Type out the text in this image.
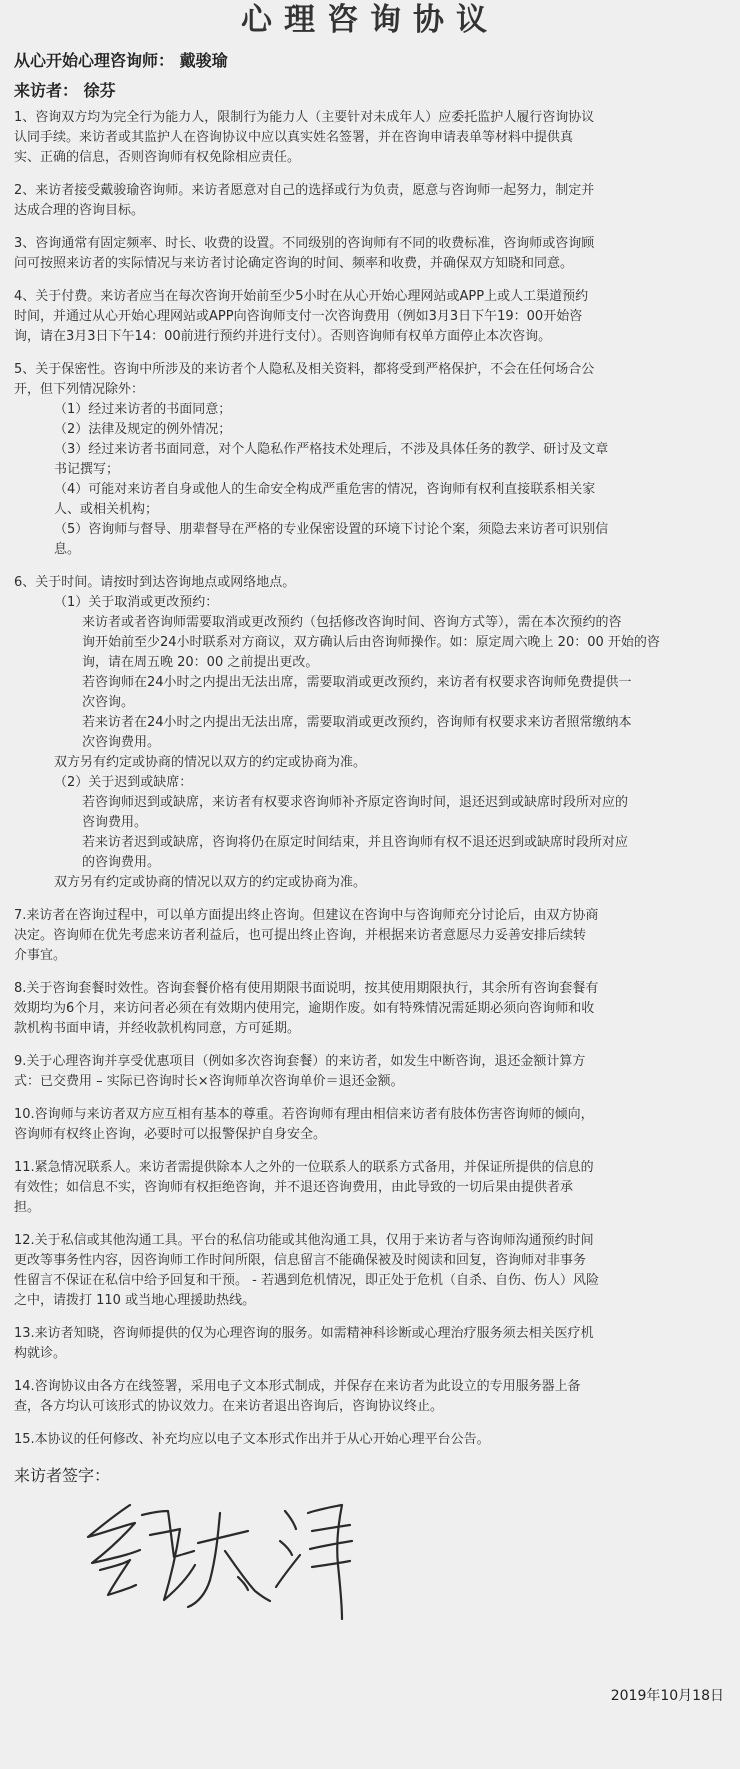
心理咨询协议
从心开始心理咨询师： 戴骏瑜
来访者： 徐芬
1、咨询双方均为完全行为能力人，限制行为能力人（主要针对未成年人）应委托监护人履行咨询协议
认同手续。来访者或其监护人在咨询协议中应以真实姓名签署，并在咨询申请表单等材料中提供真
实、正确的信息，否则咨询师有权免除相应责任。
2、来访者接受戴骏瑜咨询师。来访者愿意对自己的选择或行为负责，愿意与咨询师一起努力，制定并
达成合理的咨询目标。
3、咨询通常有固定频率、时长、收费的设置。不同级别的咨询师有不同的收费标准，咨询师或咨询顾
问可按照来访者的实际情况与来访者讨论确定咨询的时间、频率和收费，并确保双方知晓和同意。
4、关于付费。来访者应当在每次咨询开始前至少5小时在从心开始心理网站或APP上或人工渠道预约
时间，并通过从心开始心理网站或APP向咨询师支付一次咨询费用（例如3月3日下午19：00开始咨
询，请在3月3日下午14：00前进行预约并进行支付）。否则咨询师有权单方面停止本次咨询。
5、关于保密性。咨询中所涉及的来访者个人隐私及相关资料，都将受到严格保护，不会在任何场合公
开，但下列情况除外：
（1）经过来访者的书面同意；
（2）法律及规定的例外情况；
（3）经过来访者书面同意，对个人隐私作严格技术处理后，不涉及具体任务的教学、研讨及文章
书记撰写；
（4）可能对来访者自身或他人的生命安全构成严重危害的情况，咨询师有权利直接联系相关家
人、或相关机构；
（5）咨询师与督导、朋辈督导在严格的专业保密设置的环境下讨论个案，须隐去来访者可识别信
息。
6、关于时间。请按时到达咨询地点或网络地点。
（1）关于取消或更改预约：
来访者或者咨询师需要取消或更改预约（包括修改咨询时间、咨询方式等），需在本次预约的咨
询开始前至少24小时联系对方商议，双方确认后由咨询师操作。如：原定周六晚上 20：00 开始的咨
询，请在周五晚 20：00 之前提出更改。
若咨询师在24小时之内提出无法出席，需要取消或更改预约，来访者有权要求咨询师免费提供一
次咨询。
若来访者在24小时之内提出无法出席，需要取消或更改预约，咨询师有权要求来访者照常缴纳本
次咨询费用。
双方另有约定或协商的情况以双方的约定或协商为准。
（2）关于迟到或缺席：
若咨询师迟到或缺席，来访者有权要求咨询师补齐原定咨询时间，退还迟到或缺席时段所对应的
咨询费用。
若来访者迟到或缺席，咨询将仍在原定时间结束，并且咨询师有权不退还迟到或缺席时段所对应
的咨询费用。
双方另有约定或协商的情况以双方的约定或协商为准。
7.来访者在咨询过程中，可以单方面提出终止咨询。但建议在咨询中与咨询师充分讨论后，由双方协商
决定。咨询师在优先考虑来访者利益后，也可提出终止咨询，并根据来访者意愿尽力妥善安排后续转
介事宜。
8.关于咨询套餐时效性。咨询套餐价格有使用期限书面说明，按其使用期限执行，其余所有咨询套餐有
效期均为6个月，来访问者必须在有效期内使用完，逾期作废。如有特殊情况需延期必须向咨询师和收
款机构书面申请，并经收款机构同意，方可延期。
9.关于心理咨询并享受优惠项目（例如多次咨询套餐）的来访者，如发生中断咨询，退还金额计算方
式：已交费用 – 实际已咨询时长×咨询师单次咨询单价＝退还金额。
10.咨询师与来访者双方应互相有基本的尊重。若咨询师有理由相信来访者有肢体伤害咨询师的倾向，
咨询师有权终止咨询，必要时可以报警保护自身安全。
11.紧急情况联系人。来访者需提供除本人之外的一位联系人的联系方式备用，并保证所提供的信息的
有效性；如信息不实，咨询师有权拒绝咨询，并不退还咨询费用，由此导致的一切后果由提供者承
担。
12.关于私信或其他沟通工具。平台的私信功能或其他沟通工具，仅用于来访者与咨询师沟通预约时间
更改等事务性内容，因咨询师工作时间所限，信息留言不能确保被及时阅读和回复，咨询师对非事务
性留言不保证在私信中给予回复和干预。 - 若遇到危机情况，即正处于危机（自杀、自伤、伤人）风险
之中，请拨打 110 或当地心理援助热线。
13.来访者知晓，咨询师提供的仅为心理咨询的服务。如需精神科诊断或心理治疗服务须去相关医疗机
构就诊。
14.咨询协议由各方在线签署，采用电子文本形式制成，并保存在来访者为此设立的专用服务器上备
查，各方均认可该形式的协议效力。在来访者退出咨询后，咨询协议终止。
15.本协议的任何修改、补充均应以电子文本形式作出并于从心开始心理平台公告。
来访者签字：
2019年10月18日
